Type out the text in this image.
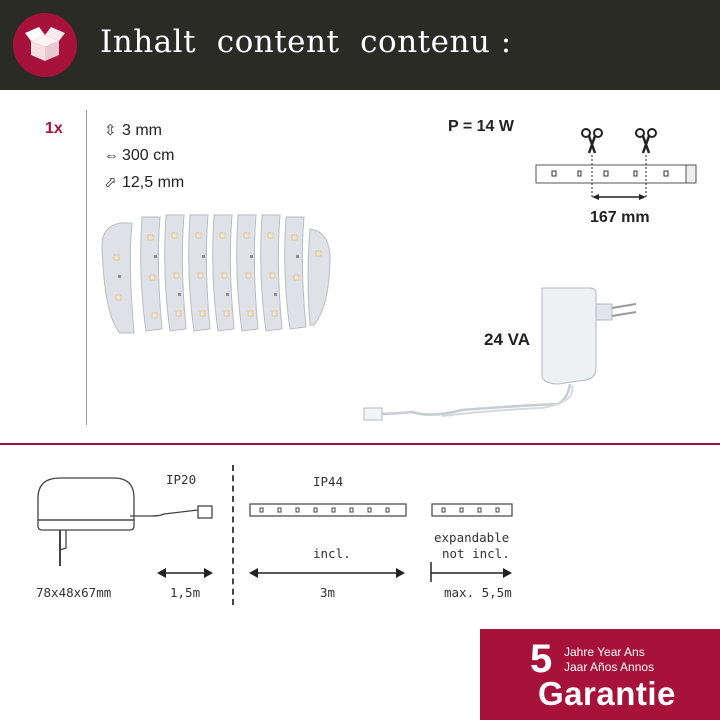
Inhalt  content  contenu :
1x	⇳ 3 mm
⇔ 300 cm
⬀ 12,5 mm
P = 14 W
167 mm
24 VA
IP20
78x48x67mm	1,5m
IP44
incl.
3m
expandable
not incl.
max. 5,5m
5 Jahre Year Ans
Jaar Años Annos
Garantie
